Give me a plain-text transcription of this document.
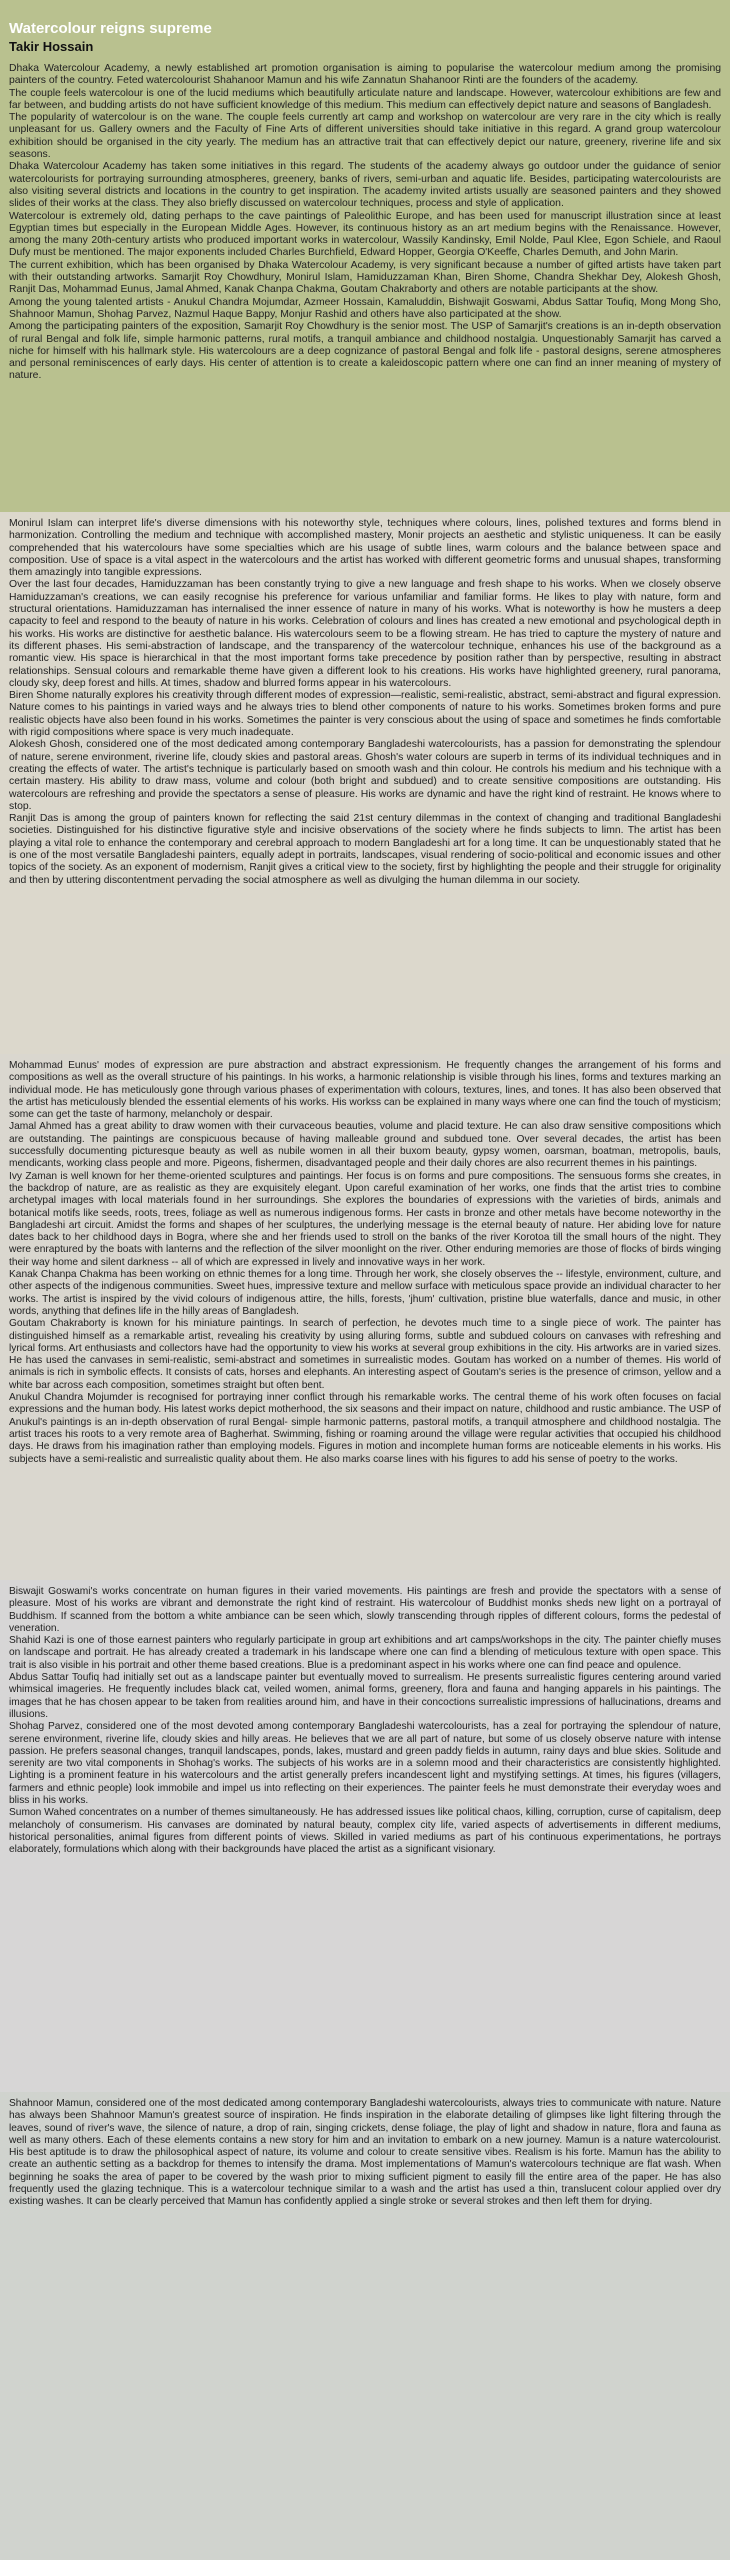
Watercolour reigns supreme
Takir Hossain

Dhaka Watercolour Academy, a newly established art promotion organisation is aiming to popularise the watercolour medium among the promising painters of the country. Feted watercolourist Shahanoor Mamun and his wife Zannatun Shahanoor Rinti are the founders of the academy.

The couple feels watercolour is one of the lucid mediums which beautifully articulate nature and landscape. However, watercolour exhibitions are few and far between, and budding artists do not have sufficient knowledge of this medium. This medium can effectively depict nature and seasons of Bangladesh.

The popularity of watercolour is on the wane. The couple feels currently art camp and workshop on watercolour are very rare in the city which is really unpleasant for us. Gallery owners and the Faculty of Fine Arts of different universities should take initiative in this regard. A grand group watercolour exhibition should be organised in the city yearly. The medium has an attractive trait that can effectively depict our nature, greenery, riverine life and six seasons.

Dhaka Watercolour Academy has taken some initiatives in this regard. The students of the academy always go outdoor under the guidance of senior watercolourists for portraying surrounding atmospheres, greenery, banks of rivers, semi-urban and aquatic life. Besides, participating watercolourists are also visiting several districts and locations in the country to get inspiration. The academy invited artists usually are seasoned painters and they showed slides of their works at the class. They also briefly discussed on watercolour techniques, process and style of application.

Watercolour is extremely old, dating perhaps to the cave paintings of Paleolithic Europe, and has been used for manuscript illustration since at least Egyptian times but especially in the European Middle Ages. However, its continuous history as an art medium begins with the Renaissance. However, among the many 20th-century artists who produced important works in watercolour, Wassily Kandinsky, Emil Nolde, Paul Klee, Egon Schiele, and Raoul Dufy must be mentioned. The major exponents included Charles Burchfield, Edward Hopper, Georgia O'Keeffe, Charles Demuth, and John Marin.

The current exhibition, which has been organised by Dhaka Watercolour Academy, is very significant because a number of gifted artists have taken part with their outstanding artworks. Samarjit Roy Chowdhury, Monirul Islam, Hamiduzzaman Khan, Biren Shome, Chandra Shekhar Dey, Alokesh Ghosh, Ranjit Das, Mohammad Eunus, Jamal Ahmed, Kanak Chanpa Chakma, Goutam Chakraborty and others are notable participants at the show.

Among the young talented artists - Anukul Chandra Mojumdar, Azmeer Hossain, Kamaluddin, Bishwajit Goswami, Abdus Sattar Toufiq, Mong Mong Sho, Shahnoor Mamun, Shohag Parvez, Nazmul Haque Bappy, Monjur Rashid and others have also participated at the show.

Among the participating painters of the exposition, Samarjit Roy Chowdhury is the senior most. The USP of Samarjit's creations is an in-depth observation of rural Bengal and folk life, simple harmonic patterns, rural motifs, a tranquil ambiance and childhood nostalgia. Unquestionably Samarjit has carved a niche for himself with his hallmark style. His watercolours are a deep cognizance of pastoral Bengal and folk life - pastoral designs, serene atmospheres and personal reminiscences of early days. His center of attention is to create a kaleidoscopic pattern where one can find an inner meaning of mystery of nature.

Monirul Islam can interpret life's diverse dimensions with his noteworthy style, techniques where colours, lines, polished textures and forms blend in harmonization. Controlling the medium and technique with accomplished mastery, Monir projects an aesthetic and stylistic uniqueness. It can be easily comprehended that his watercolours have some specialties which are his usage of subtle lines, warm colours and the balance between space and composition. Use of space is a vital aspect in the watercolours and the artist has worked with different geometric forms and unusual shapes, transforming them amazingly into tangible expressions.

Over the last four decades, Hamiduzzaman has been constantly trying to give a new language and fresh shape to his works. When we closely observe Hamiduzzaman's creations, we can easily recognise his preference for various unfamiliar and familiar forms. He likes to play with nature, form and structural orientations. Hamiduzzaman has internalised the inner essence of nature in many of his works. What is noteworthy is how he musters a deep capacity to feel and respond to the beauty of nature in his works. Celebration of colours and lines has created a new emotional and psychological depth in his works. His works are distinctive for aesthetic balance. His watercolours seem to be a flowing stream. He has tried to capture the mystery of nature and its different phases. His semi-abstraction of landscape, and the transparency of the watercolour technique, enhances his use of the background as a romantic view. His space is hierarchical in that the most important forms take precedence by position rather than by perspective, resulting in abstract relationships. Sensual colours and remarkable theme have given a different look to his creations. His works have highlighted greenery, rural panorama, cloudy sky, deep forest and hills. At times, shadow and blurred forms appear in his watercolours.

Biren Shome naturally explores his creativity through different modes of expression—realistic, semi-realistic, abstract, semi-abstract and figural expression. Nature comes to his paintings in varied ways and he always tries to blend other components of nature to his works. Sometimes broken forms and pure realistic objects have also been found in his works. Sometimes the painter is very conscious about the using of space and sometimes he finds comfortable with rigid compositions where space is very much inadequate.

Alokesh Ghosh, considered one of the most dedicated among contemporary Bangladeshi watercolourists, has a passion for demonstrating the splendour of nature, serene environment, riverine life, cloudy skies and pastoral areas. Ghosh's water colours are superb in terms of its individual techniques and in creating the effects of water. The artist's technique is particularly based on smooth wash and thin colour. He controls his medium and his technique with a certain mastery. His ability to draw mass, volume and colour (both bright and subdued) and to create sensitive compositions are outstanding. His watercolours are refreshing and provide the spectators a sense of pleasure. His works are dynamic and have the right kind of restraint. He knows where to stop.

Ranjit Das is among the group of painters known for reflecting the said 21st century dilemmas in the context of changing and traditional Bangladeshi societies. Distinguished for his distinctive figurative style and incisive observations of the society where he finds subjects to limn. The artist has been playing a vital role to enhance the contemporary and cerebral approach to modern Bangladeshi art for a long time. It can be unquestionably stated that he is one of the most versatile Bangladeshi painters, equally adept in portraits, landscapes, visual rendering of socio-political and economic issues and other topics of the society. As an exponent of modernism, Ranjit gives a critical view to the society, first by highlighting the people and their struggle for originality and then by uttering discontentment pervading the social atmosphere as well as divulging the human dilemma in our society.

Mohammad Eunus' modes of expression are pure abstraction and abstract expressionism. He frequently changes the arrangement of his forms and compositions as well as the overall structure of his paintings. In his works, a harmonic relationship is visible through his lines, forms and textures marking an individual mode. He has meticulously gone through various phases of experimentation with colours, textures, lines, and tones. It has also been observed that the artist has meticulously blended the essential elements of his works. His workss can be explained in many ways where one can find the touch of mysticism; some can get the taste of harmony, melancholy or despair.

Jamal Ahmed has a great ability to draw women with their curvaceous beauties, volume and placid texture. He can also draw sensitive compositions which are outstanding. The paintings are conspicuous because of having malleable ground and subdued tone. Over several decades, the artist has been successfully documenting picturesque beauty as well as nubile women in all their buxom beauty, gypsy women, oarsman, boatman, metropolis, bauls, mendicants, working class people and more. Pigeons, fishermen, disadvantaged people and their daily chores are also recurrent themes in his paintings.

Ivy Zaman is well known for her theme-oriented sculptures and paintings. Her focus is on forms and pure compositions. The sensuous forms she creates, in the backdrop of nature, are as realistic as they are exquisitely elegant. Upon careful examination of her works, one finds that the artist tries to combine archetypal images with local materials found in her surroundings. She explores the boundaries of expressions with the varieties of birds, animals and botanical motifs like seeds, roots, trees, foliage as well as numerous indigenous forms. Her casts in bronze and other metals have become noteworthy in the Bangladeshi art circuit. Amidst the forms and shapes of her sculptures, the underlying message is the eternal beauty of nature. Her abiding love for nature dates back to her childhood days in Bogra, where she and her friends used to stroll on the banks of the river Korotoa till the small hours of the night. They were enraptured by the boats with lanterns and the reflection of the silver moonlight on the river. Other enduring memories are those of flocks of birds winging their way home and silent darkness -- all of which are expressed in lively and innovative ways in her work.

Kanak Chanpa Chakma has been working on ethnic themes for a long time. Through her work, she closely observes the -- lifestyle, environment, culture, and other aspects of the indigenous communities. Sweet hues, impressive texture and mellow surface with meticulous space provide an individual character to her works. The artist is inspired by the vivid colours of indigenous attire, the hills, forests, 'jhum' cultivation, pristine blue waterfalls, dance and music, in other words, anything that defines life in the hilly areas of Bangladesh.

Goutam Chakraborty is known for his miniature paintings. In search of perfection, he devotes much time to a single piece of work. The painter has distinguished himself as a remarkable artist, revealing his creativity by using alluring forms, subtle and subdued colours on canvases with refreshing and lyrical forms. Art enthusiasts and collectors have had the opportunity to view his works at several group exhibitions in the city. His artworks are in varied sizes. He has used the canvases in semi-realistic, semi-abstract and sometimes in surrealistic modes. Goutam has worked on a number of themes. His world of animals is rich in symbolic effects. It consists of cats, horses and elephants. An interesting aspect of Goutam's series is the presence of crimson, yellow and a white bar across each composition, sometimes straight but often bent.

Anukul Chandra Mojumder is recognised for portraying inner conflict through his remarkable works. The central theme of his work often focuses on facial expressions and the human body. His latest works depict motherhood, the six seasons and their impact on nature, childhood and rustic ambiance. The USP of Anukul's paintings is an in-depth observation of rural Bengal- simple harmonic patterns, pastoral motifs, a tranquil atmosphere and childhood nostalgia. The artist traces his roots to a very remote area of Bagherhat. Swimming, fishing or roaming around the village were regular activities that occupied his childhood days. He draws from his imagination rather than employing models. Figures in motion and incomplete human forms are noticeable elements in his works. His subjects have a semi-realistic and surrealistic quality about them. He also marks coarse lines with his figures to add his sense of poetry to the works.

Biswajit Goswami's works concentrate on human figures in their varied movements. His paintings are fresh and provide the spectators with a sense of pleasure. Most of his works are vibrant and demonstrate the right kind of restraint. His watercolour of Buddhist monks sheds new light on a portrayal of Buddhism. If scanned from the bottom a white ambiance can be seen which, slowly transcending through ripples of different colours, forms the pedestal of veneration.

Shahid Kazi is one of those earnest painters who regularly participate in group art exhibitions and art camps/workshops in the city. The painter chiefly muses on landscape and portrait. He has already created a trademark in his landscape where one can find a blending of meticulous texture with open space. This trait is also visible in his portrait and other theme based creations. Blue is a predominant aspect in his works where one can find peace and opulence.

Abdus Sattar Toufiq had initially set out as a landscape painter but eventually moved to surrealism. He presents surrealistic figures centering around varied whimsical imageries. He frequently includes black cat, veiled women, animal forms, greenery, flora and fauna and hanging apparels in his paintings. The images that he has chosen appear to be taken from realities around him, and have in their concoctions surrealistic impressions of hallucinations, dreams and illusions.

Shohag Parvez, considered one of the most devoted among contemporary Bangladeshi watercolourists, has a zeal for portraying the splendour of nature, serene environment, riverine life, cloudy skies and hilly areas. He believes that we are all part of nature, but some of us closely observe nature with intense passion. He prefers seasonal changes, tranquil landscapes, ponds, lakes, mustard and green paddy fields in autumn, rainy days and blue skies. Solitude and serenity are two vital components in Shohag's works. The subjects of his works are in a solemn mood and their characteristics are consistently highlighted. Lighting is a prominent feature in his watercolours and the artist generally prefers incandescent light and mystifying settings. At times, his figures (villagers, farmers and ethnic people) look immobile and impel us into reflecting on their experiences. The painter feels he must demonstrate their everyday woes and bliss in his works.

Sumon Wahed concentrates on a number of themes simultaneously. He has addressed issues like political chaos, killing, corruption, curse of capitalism, deep melancholy of consumerism. His canvases are dominated by natural beauty, complex city life, varied aspects of advertisements in different mediums, historical personalities, animal figures from different points of views. Skilled in varied mediums as part of his continuous experimentations, he portrays elaborately, formulations which along with their backgrounds have placed the artist as a significant visionary.

Shahnoor Mamun, considered one of the most dedicated among contemporary Bangladeshi watercolourists, always tries to communicate with nature. Nature has always been Shahnoor Mamun's greatest source of inspiration. He finds inspiration in the elaborate detailing of glimpses like light filtering through the leaves, sound of river's wave, the silence of nature, a drop of rain, singing crickets, dense foliage, the play of light and shadow in nature, flora and fauna as well as many others. Each of these elements contains a new story for him and an invitation to embark on a new journey. Mamun is a nature watercolourist. His best aptitude is to draw the philosophical aspect of nature, its volume and colour to create sensitive vibes. Realism is his forte. Mamun has the ability to create an authentic setting as a backdrop for themes to intensify the drama. Most implementations of Mamun's watercolours technique are flat wash. When beginning he soaks the area of paper to be covered by the wash prior to mixing sufficient pigment to easily fill the entire area of the paper. He has also frequently used the glazing technique. This is a watercolour technique similar to a wash and the artist has used a thin, translucent colour applied over dry existing washes. It can be clearly perceived that Mamun has confidently applied a single stroke or several strokes and then left them for drying.
